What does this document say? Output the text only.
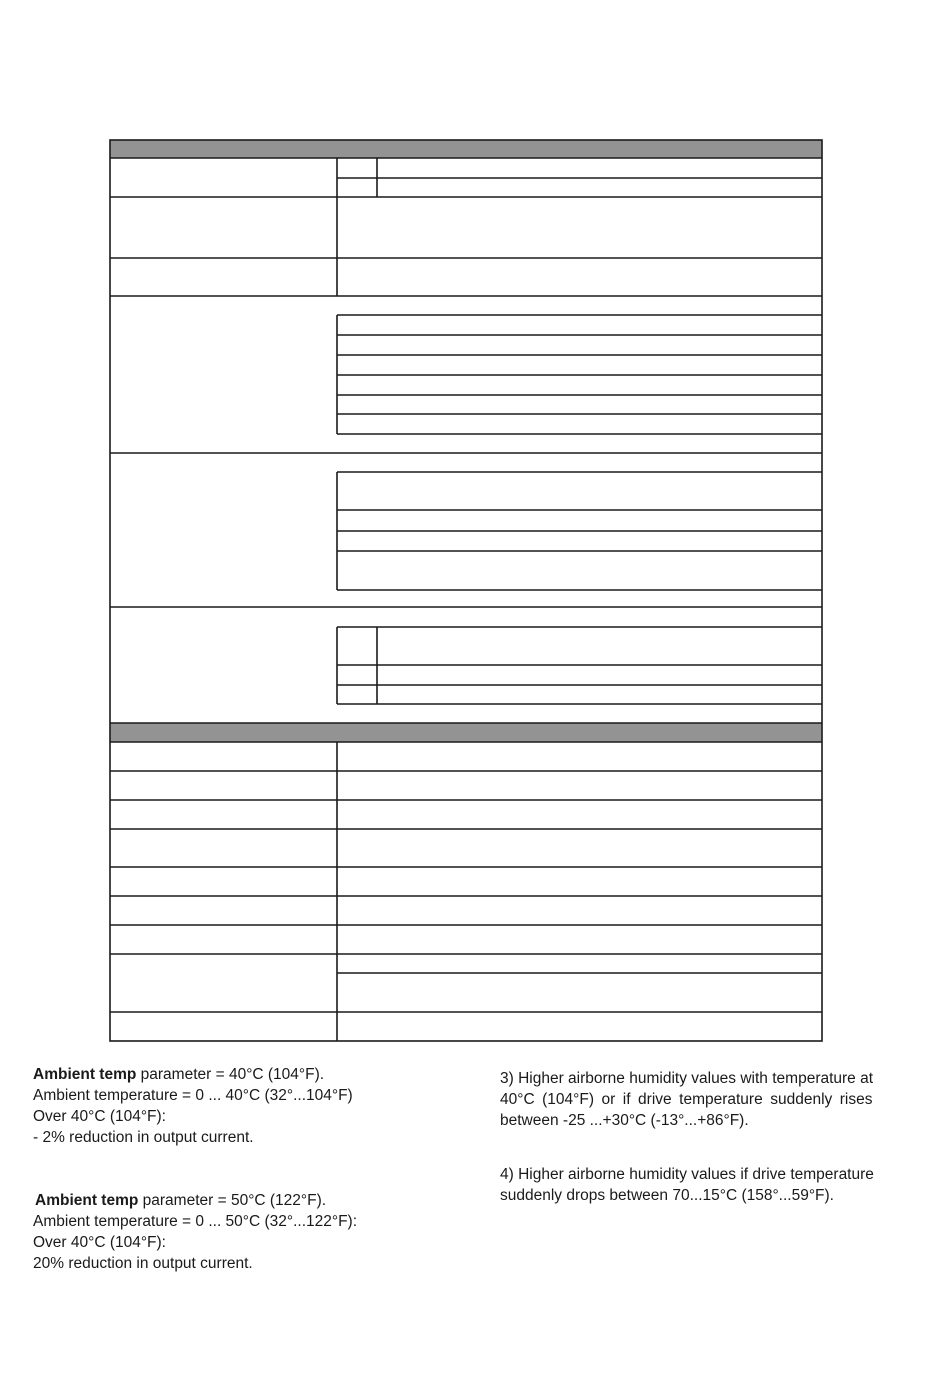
Ambient temp parameter = 40°C (104°F).
Ambient temperature = 0 ... 40°C (32°...104°F)
Over 40°C (104°F):
- 2% reduction in output current.
Ambient temp parameter = 50°C (122°F).
Ambient temperature = 0 ... 50°C (32°...122°F):
Over 40°C (104°F):
20% reduction in output current.
3) Higher airborne humidity values with temperature at
40°C (104°F) or if drive temperature suddenly rises
between -25 ...+30°C (-13°...+86°F).
4) Higher airborne humidity values if drive temperature
suddenly drops between 70...15°C (158°...59°F).
